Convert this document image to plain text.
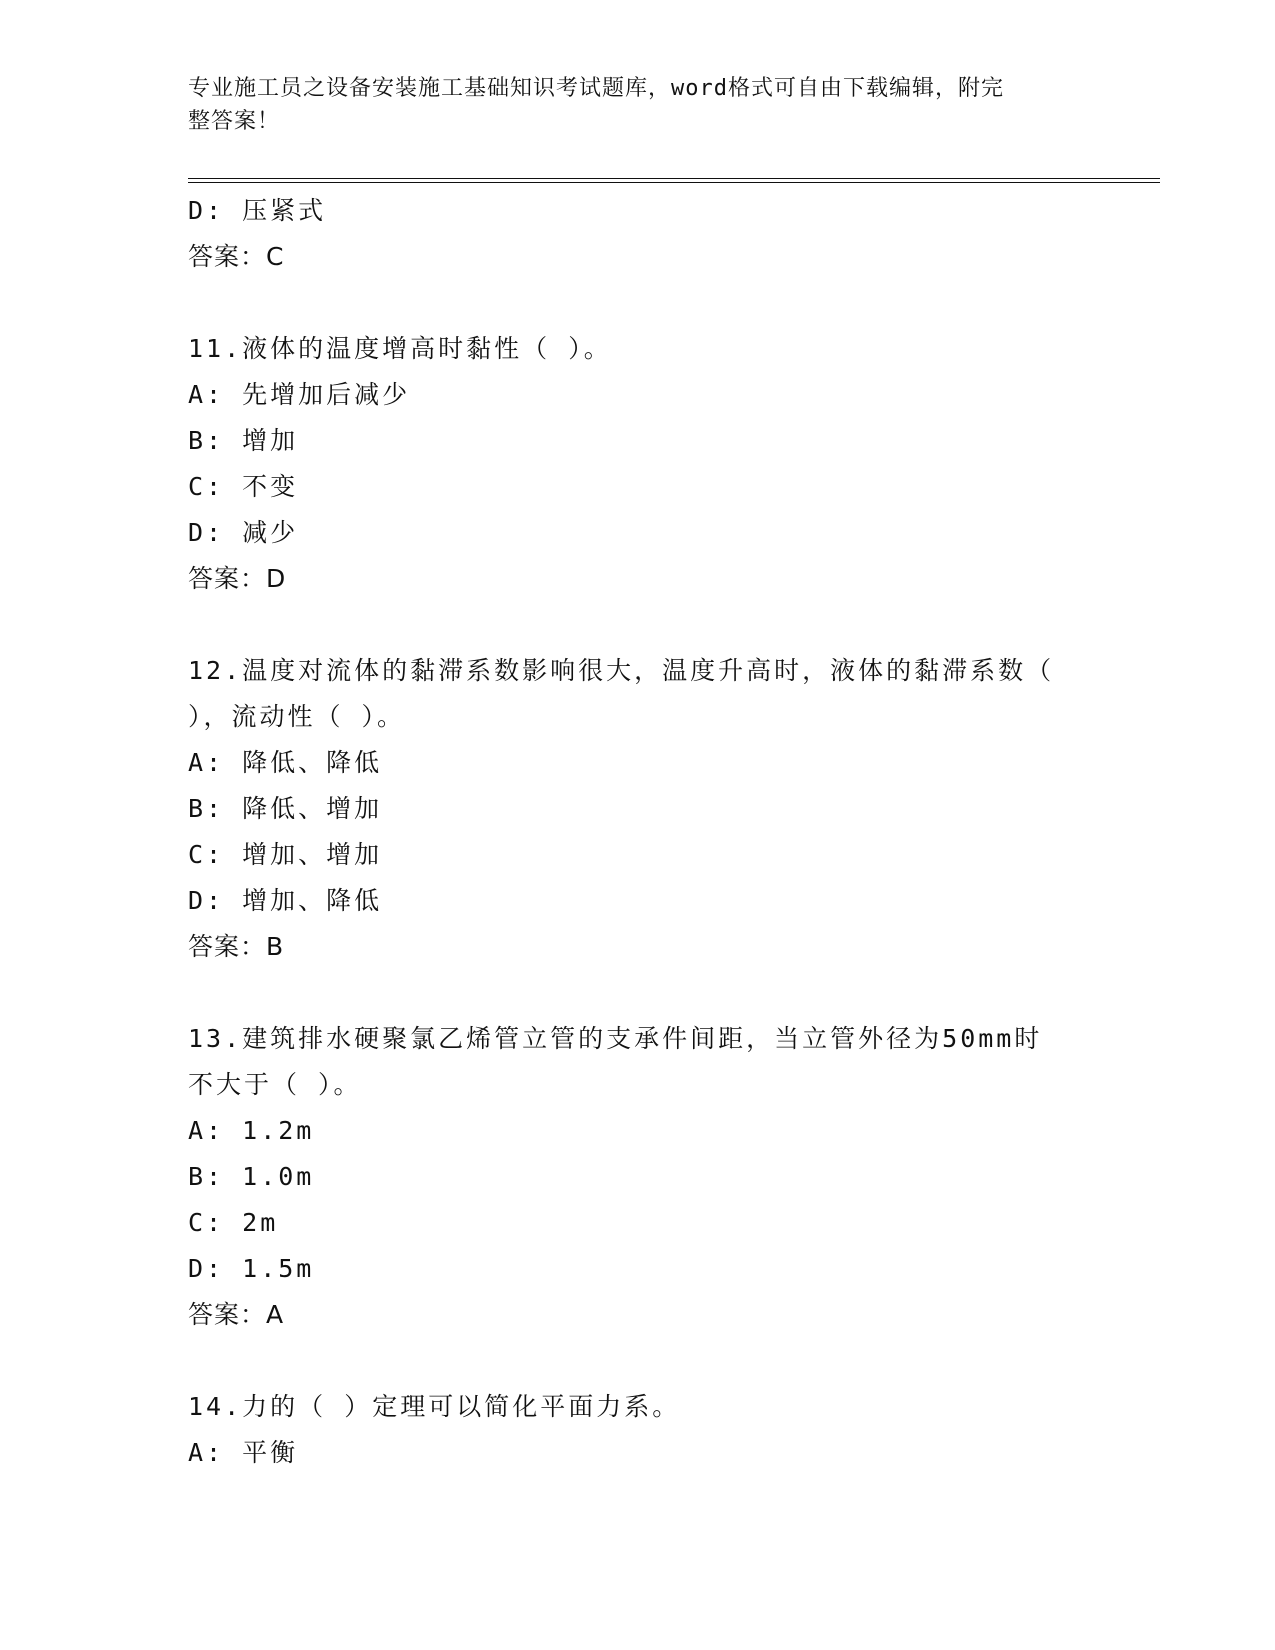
专业施工员之设备安装施工基础知识考试题库，word格式可自由下载编辑，附完
整答案！
D: 压紧式
答案：C
11.液体的温度增高时黏性（ ）。
A: 先增加后减少
B: 增加
C: 不变
D: 减少
答案：D
12.温度对流体的黏滞系数影响很大，温度升高时，液体的黏滞系数（
），流动性（ ）。
A: 降低、降低
B: 降低、增加
C: 增加、增加
D: 增加、降低
答案：B
13.建筑排水硬聚氯乙烯管立管的支承件间距，当立管外径为50mm时
不大于（ ）。
A: 1.2m
B: 1.0m
C: 2m
D: 1.5m
答案：A
14.力的（ ）定理可以简化平面力系。
A: 平衡
